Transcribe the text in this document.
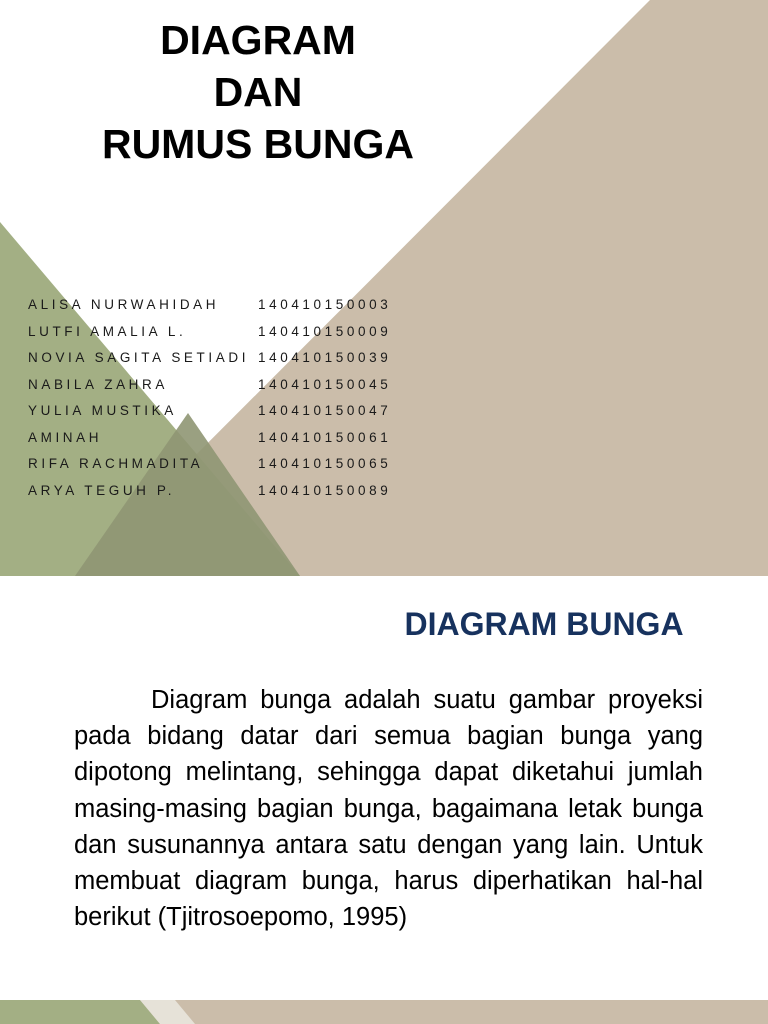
DIAGRAM
DAN
RUMUS BUNGA
ALISA NURWAHIDAH	140410150003
LUTFI AMALIA L.	140410150009
NOVIA SAGITA SETIADI 140410150039
NABILA ZAHRA	140410150045
YULIA MUSTIKA	140410150047
AMINAH	140410150061
RIFA RACHMADITA	140410150065
ARYA TEGUH P.	140410150089
DIAGRAM BUNGA

Diagram bunga adalah suatu gambar proyeksi pada bidang datar dari semua bagian bunga yang dipotong melintang, sehingga dapat diketahui jumlah masing-masing bagian bunga, bagaimana letak bunga dan susunannya antara satu dengan yang lain. Untuk membuat diagram bunga, harus diperhatikan hal-hal berikut (Tjitrosoepomo, 1995)
